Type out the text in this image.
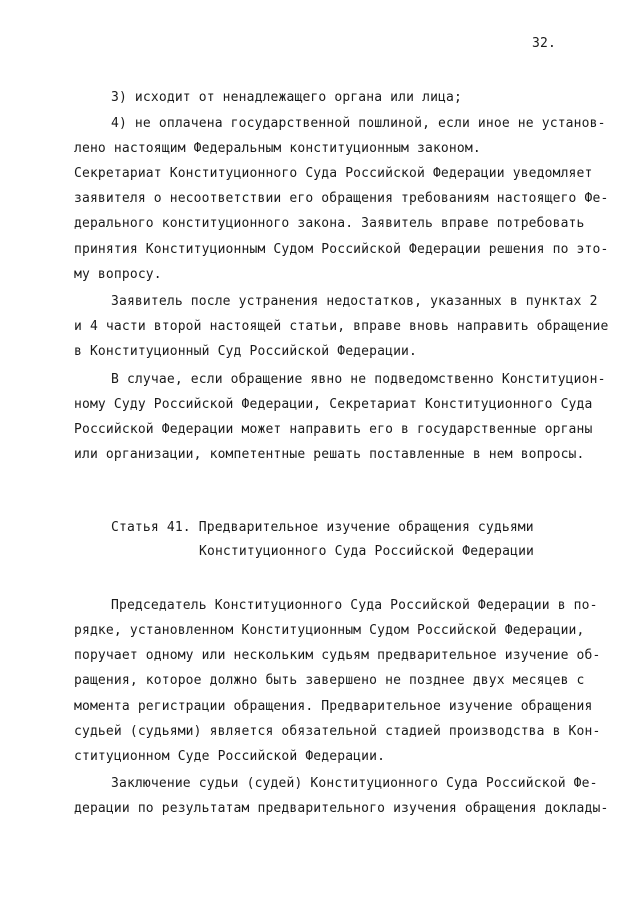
32.
3) исходит от ненадлежащего органа или лица;
4) не оплачена государственной пошлиной, если иное не установ-
лено настоящим Федеральным конституционным законом.
Секретариат Конституционного Суда Российской Федерации уведомляет
заявителя о несоответствии его обращения требованиям настоящего Фе-
дерального конституционного закона. Заявитель вправе потребовать
принятия Конституционным Судом Российской Федерации решения по это-
му вопросу.
Заявитель после устранения недостатков, указанных в пунктах 2
и 4 части второй настоящей статьи, вправе вновь направить обращение
в Конституционный Суд Российской Федерации.
В случае, если обращение явно не подведомственно Конституцион-
ному Суду Российской Федерации, Секретариат Конституционного Суда
Российской Федерации может направить его в государственные органы
или организации, компетентные решать поставленные в нем вопросы.
Статья 41. Предварительное изучение обращения судьями
Конституционного Суда Российской Федерации
Председатель Конституционного Суда Российской Федерации в по-
рядке, установленном Конституционным Судом Российской Федерации,
поручает одному или нескольким судьям предварительное изучение об-
ращения, которое должно быть завершено не позднее двух месяцев с
момента регистрации обращения. Предварительное изучение обращения
судьей (судьями) является обязательной стадией производства в Кон-
ституционном Суде Российской Федерации.
Заключение судьи (судей) Конституционного Суда Российской Фе-
дерации по результатам предварительного изучения обращения доклады-
